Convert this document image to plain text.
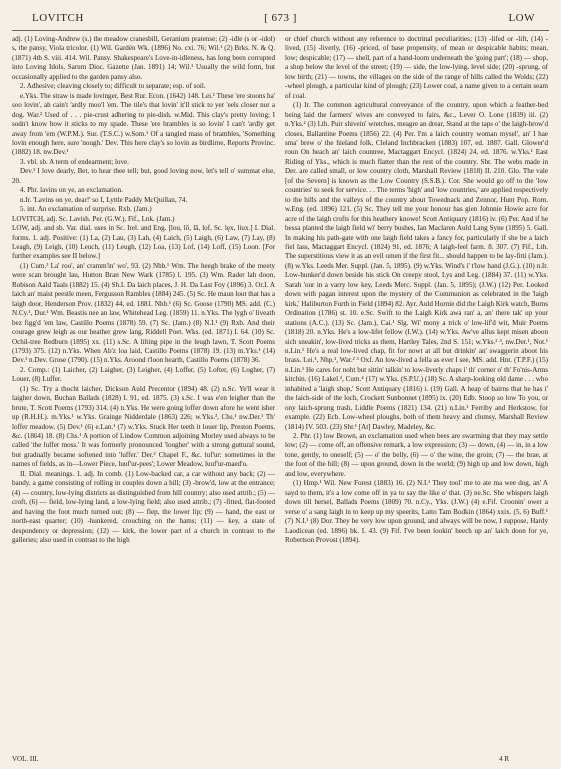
LOVITCH	[ 673 ]	LOW

adj. (1) Loving-Andrew (s.) the meadow cranesbill, Geranium pratense; (2) -idle (s or -idol) s, the pansy, Viola tricolor. (1) Wil. Gardén Wk. (1896) No. cxi. 76; Wil.¹ (2) Brks. N. & Q. (1871) 4th S. viii. 414. Wil. Pansy. Shakespeare's Love-in-idleness, has long been corrupted into Loving Idols, Sarum Dioc. Gazette (Jan. 1891) 14; Wil.¹ Usually the wild form, but occasionally applied to the garden pansy also.

2. Adhesive; cleaving closely to; difficult to separate; esp. of soil.

e.Yks. The straw is made lovinger, Best Rur. Econ. (1642) 148. Lei.¹ These 'ere stoons ha' soo lovin', ah cain't 'ardly moo'l 'em. The tile's that lovin' it'll stick to yer 'eels closer nur a dog. War.² Used of . . . pie-crust adhering to pie-dish. w.Mid. This clay's pretty loving; I sodn't know how it sticks to my spade. These 'ere brambles is so lovin' I can't 'ardly get away from 'em (W.P.M.). Sur. (T.S.C.) w.Som.¹ Of a tangled mass of brambles, 'Something lovin enough here, sure 'nough.' Dev. This here clay's so lovin as birdlime, Reports Provinc. (1882) 18. nw.Dev.¹

3. vbl. sb. A term of endearment; love.

Dev.¹ I love dearly, Bet, to hear thee tell; but, good loving now, let's tell o' summat else, 20.

4. Phr. lavins on ye, an exclamation.

n.Ir. 'Lavins on ye, dear!' so I, Lyttle Paddy McQuillan, 74.

5. int. An exclamation of surprise. Rxb. (Jam.)

LOVITCH, adj. Sc. Lavish. Per. (G.W.), Fif., Lnk. (Jam.)

LOW, adj. and sb. Var. dial. uses in Sc. Irel. and Eng. [lou, lō, lā, lof, Sc. lęx, liux.] I. Dial. forms. 1. adj. Positive: (1) La, (2) Lau, (3) Lah, (4) Laich, (5) Laigh, (6) Law, (7) Lay, (8) Leagh, (9) Leigh, (10) Leuch, (11) Leugh, (12) Loa, (13) Lof, (14) Loff, (15) Loon. [For further examples see II below.]

(1) Cum.³ La' roo', an' cramm'in' wo', 93. (2) Nhb.¹ Wm. The heegh brake of the meety were scan brought lau, Hutton Bran New Wark (1785) l. 195. (3) Wm. Rader lah doon, Robison Aald Taals (1882) 15. (4) Sh.I. Da laich places, J. H. Da Last Foy (1896) 3. Or.I. A laich an' maist peestle meen, Fergusson Rambles (1884) 245. (5) Sc. He maun lout that has a laigh door, Henderson Prov. (1832) 44, ed. 1881. Nhb.¹ (6) Sc. Goose (1790) MS. add. (C.) N.Cy.¹, Dur.¹ Wm. Beastis nee an law, Whitehead Leg. (1859) 11. n.Yks. The lygh o' liveath bez figg'd 'em law, Castillo Poems (1878) 59. (7) Sc. (Jam.) (8) N.I.¹ (9) Rxb. And their courage grew leigh as our heather grew lang, Riddell Poet. Wks. (ed. 1871) I. 64. (10) Sc. Ochil-tree Redburn (1895) xx. (11) s.Sc. A lilting pipe in the leugh lawn, T. Scott Poems (1793) 375. (12) n.Yks. When Ab'z loa laid, Castillo Poems (1878) 19. (13) m.Yks.¹ (14) Dev.¹ n.Dev. Grose (1790). (15) n.Yks. Aroond t'loon hearth, Castillo Poems (1878) 36.

2. Comp.: (1) Laicher, (2) Laigher, (3) Leigher, (4) Loffer, (5) Lofter, (6) Logher, (7) Louer, (8) Luffer.

(1) Sc. Try a thocht laicher, Dickson Auld Precentor (1894) 48. (2) n.Sc. Ye'll wear it laigher down, Buchan Ballads (1828) I. 91, ed. 1875. (3) s.Sc. I was e'en leigher than the brute, T. Scott Poems (1793) 314. (4) n.Yks. He were going loffer down afore he went isher up (R.H.H.). m.Yks.¹ w.Yks. Grainge Nidderdale (1863) 226; w.Yks.³, Chs.¹ nw.Der.¹ Th' loffer meadow. (5) Dev.¹ (6) e.Lan.¹ (7) w.Yks. Stuck Her teeth it louer lip, Preston Poems, &c. (1864) 18. (8) Chs.¹ A portion of Lindow Common adjoining Morley used always to be called 'the luffer moss.' It was formerly pronounced 'lougher' with a strong guttural sound, but gradually became softened into 'luffer.' Der.² Chapel F., &c. luf'ur: sometimes in the names of fields, as in—Lower Piece, luuf'ur-pees'; Lower Meadow, luuf'ur-maed'u.

II. Dial. meanings. 1. adj. In comb. (1) Low-backed car, a car without any back; (2) — bandy, a game consisting of rolling in couples down a hill; (3) -brow'd, low at the entrance; (4) — country, low-lying districts as distinguished from hill country; also used attrib.; (5) — croft, (6) — field, low-lying land, a low-lying field; also used attrib.; (7) -fitted, flat-footed and having the foot much turned out; (8) — flep, the lower lip; (9) — hand, the east or north-east quarter; (10) -hunkered, crouching on the hams; (11) — key, a state of despondency or depression; (12) — kirk, the lower part of a church in contrast to the galleries; also used in contrast to the high

or chief church without any reference to doctrinal peculiarities; (13) -lifed or -lift, (14) -lived, (15) -liverly, (16) -priced, of base propensity, of mean or despicable habits; mean, low; despicable; (17) — shell, part of a hand-loom underneath the 'going part'; (18) — shop, a shop below the level of the street; (19) — side, the low-lying, level side; (20) -sprung, of low birth; (21) — towns, the villages on the side of the range of hills called the Wolds; (22) -wheel plough, a particular kind of plough; (23) Lower coal, a name given to a certain seam of coal.

(1) Ir. The common agricultural conveyance of the country, upon which a feather-bed being laid the farmers' wives are conveyed to fairs, &c., Lever O. Lone (1839) iii. (2) n.Yks.² (3) Lth. Puir shivein' wretches, meagre an drear, Stand at the taps o' the laigh-brow'd closes, Ballantine Poems (1856) 22. (4) Per. I'm a laich country woman mysel', an' I hae sma' brew o' the hieland folk, Cleland Inchbracken (1883) 107, ed. 1887. Gall. Glower'd roun On heach an' laich countree, Mactaggart Encycl. (1824) 24, ed. 1876. w.Yks.¹ East Riding of Yks., which is much flatter than the rest of the country. Shr. The webs made in Der. are called small, or low country cloth, Marshall Review (1818) II. 210. Glo. The vale [of the Severn] is known as the Low Country (S.S.B.). Cor. She would go off to the 'low countries' to seek for service. . . The terms 'high' and 'low countries,' are applied respectively to the hills and the valleys of the country about Towednack and Zennor, Hunt Pop. Rom. w.Eng. (ed. 1896) 121. (5) Sc. They tell me your honour has gien Johnnie Howie acre for acre of the laigh crofts for this heathery knowe! Scott Antiquary (1816) iv. (6) Per. And if he bessa planted the laigh field wi' berry bushes, Ian Maclaren Auld Lang Syne (1895) 5. Gall. In making his path-gate with one laigh field takes a fancy for, particularly if she be a laich fiel lass, Mactaggart Encycl. (1824) 91, ed. 1876; A laigh-feel farm. 8. 307. (7) Fif., Lth. The superstitious view it as an evil omen if the first fit... should happen to be lay-fitti (Jam.). (8) w.Yks. Leeds Mer. Suppl. (Jan. 5, 1895). (9) w.Yks. Wind's i' t'low hand (J.G.). (10) n.Ir. Low-hunker'd down beside his stick On creepy stool, Lys and Leg. (1884) 37. (11) w.Yks. Sarah 'our in a varry low key, Leeds Merc. Suppl. (Jan. 5, 1895); (J.W.) (12) Per. Looked down with pagan interest upon the mystery of the Communion as celebrated in the 'laigh kirk,' Haliburton Furth in Field (1894) 82. Ayr. Auld Hornie did the Laigh Kirk watch, Burns Ordination (1786) st. 10. e.Sc. Swift to the Laigh Kirk awa ran' a, an' there tak' up your stations (A.C.). (13) Sc. (Jam.), Cai.¹ Slg. Wi' mony a trick o' low-lif'd wit, Muir Poems (1818) 20. n.Yks. He's a low-lifet fellow (I.W.). (14) w.Yks. Aw've allus kept misen aboon sich sneakin', low-lived tricks as them, Hartley Tales, 2nd S. 151; w.Yks.² ³, nw.Der.¹, Not.¹ n.Lin.¹ He's a real low-lived chap, fit for nowt at all but drinkin' an' swaggerin aboot his brass. Lei.¹, Nhp.¹, War.² ³ Oxf. An low-lived a fella as ever I see, MS. add. Hnt. (T.P.F.) (15) n.Lin.¹ He cares for noht but sittin' talkin' to low-liverly chaps i' th' corner o' th' Fo'nis-Arms kitchin. (16) Lakel.², Cum.⁴ (17) w.Yks. (S.P.U.) (18) Sc. A sharp-looking old dame . . . who inhabited a 'laigh shop,' Scott Antiquary (1816) i. (19) Gall. A heap of bairns that he has i' the laich-side of the loch, Crockett Sunbonnet (1895) ix. (20) Edb. Stoop so low To you, or ony laich-sprung trash, Liddle Poems (1821) 134. (21) n.Lin.¹ Ferriby and Herkstow, for example. (22) Ecb. Low-wheel ploughs, both of them heavy and clumsy, Marshall Review (1814) IV. 503. (23) Shr.¹ [At] Dawley, Madeley, &c.

2. Phr. (1) low Brown, an exclamation used when bees are swarming that they may settle low; (2) — come off, an offensive remark, a low expression; (3) — down, (4) — in, in a low tone, gently, to oneself; (5) — o' the belly, (6) — o' the wine, the groin; (7) — the brae, at the foot of the hill; (8) — upon ground, down in the world; (9) high up and low down, high and low, everywhere.

(1) Hmp.¹ Wil. New Forest (1883) 16. (2) N.I.¹ They tool' me to ate ma wee dog, an' A sayd to them, it's a low come off in ya to say the like o' that. (3) ne.Sc. She whispers laigh down till hersel, Ballads Poems (1809) 70. n.Cy., Yks. (J.W.) (4) e.Fif. Croonin' ower a verse o' a sang laigh in to keep up my speerits, Latto Tam Bodkin (1864) xxix. (5, 6) Buff.¹ (7) N.I.¹ (8) Dor. They be very low upon ground, and always will be now, I suppose, Hardy Laodicean (ed. 1896) bk. I. 43. (9) Fif. I've been lookin' heech up an' laich doon for ye, Robertson Provost (1894).

VOL. III.	4 R
